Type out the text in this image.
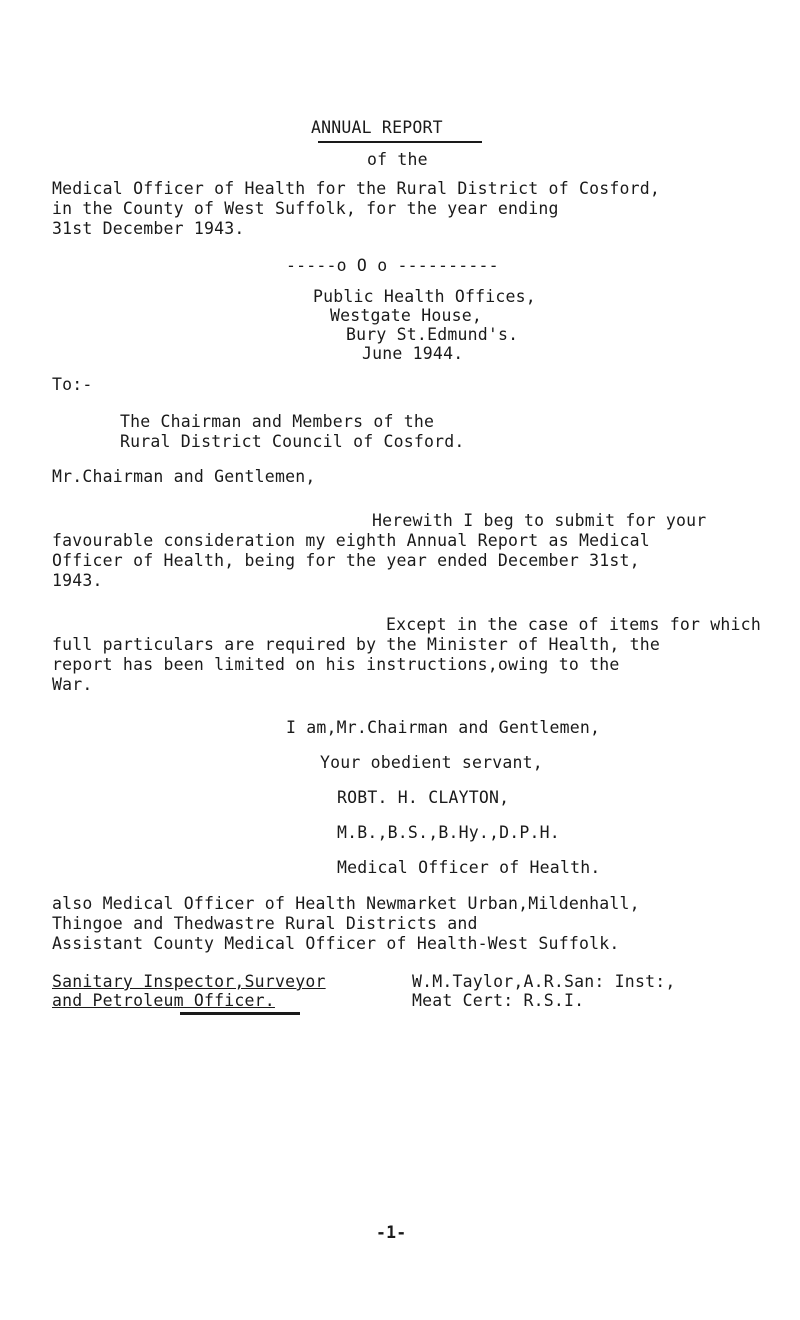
ANNUAL REPORT
of the
Medical Officer of Health for the Rural District of Cosford,
in the County of West Suffolk, for the year ending
31st December 1943.
-----o O o ----------
Public Health Offices,
Westgate House,
Bury St.Edmund's.
June 1944.
To:-
The Chairman and Members of the
Rural District Council of Cosford.
Mr.Chairman and Gentlemen,
Herewith I beg to submit for your
favourable consideration my eighth Annual Report as Medical
Officer of Health, being for the year ended December 31st,
1943.
Except in the case of items for which
full particulars are required by the Minister of Health, the
report has been limited on his instructions,owing to the
War.
I am,Mr.Chairman and Gentlemen,
Your obedient servant,
ROBT. H. CLAYTON,
M.B.,B.S.,B.Hy.,D.P.H.
Medical Officer of Health.
also Medical Officer of Health Newmarket Urban,Mildenhall,
Thingoe and Thedwastre Rural Districts and
Assistant County Medical Officer of Health-West Suffolk.
Sanitary Inspector,Surveyor
and Petroleum Officer.
W.M.Taylor,A.R.San: Inst:,
Meat Cert: R.S.I.
-1-
